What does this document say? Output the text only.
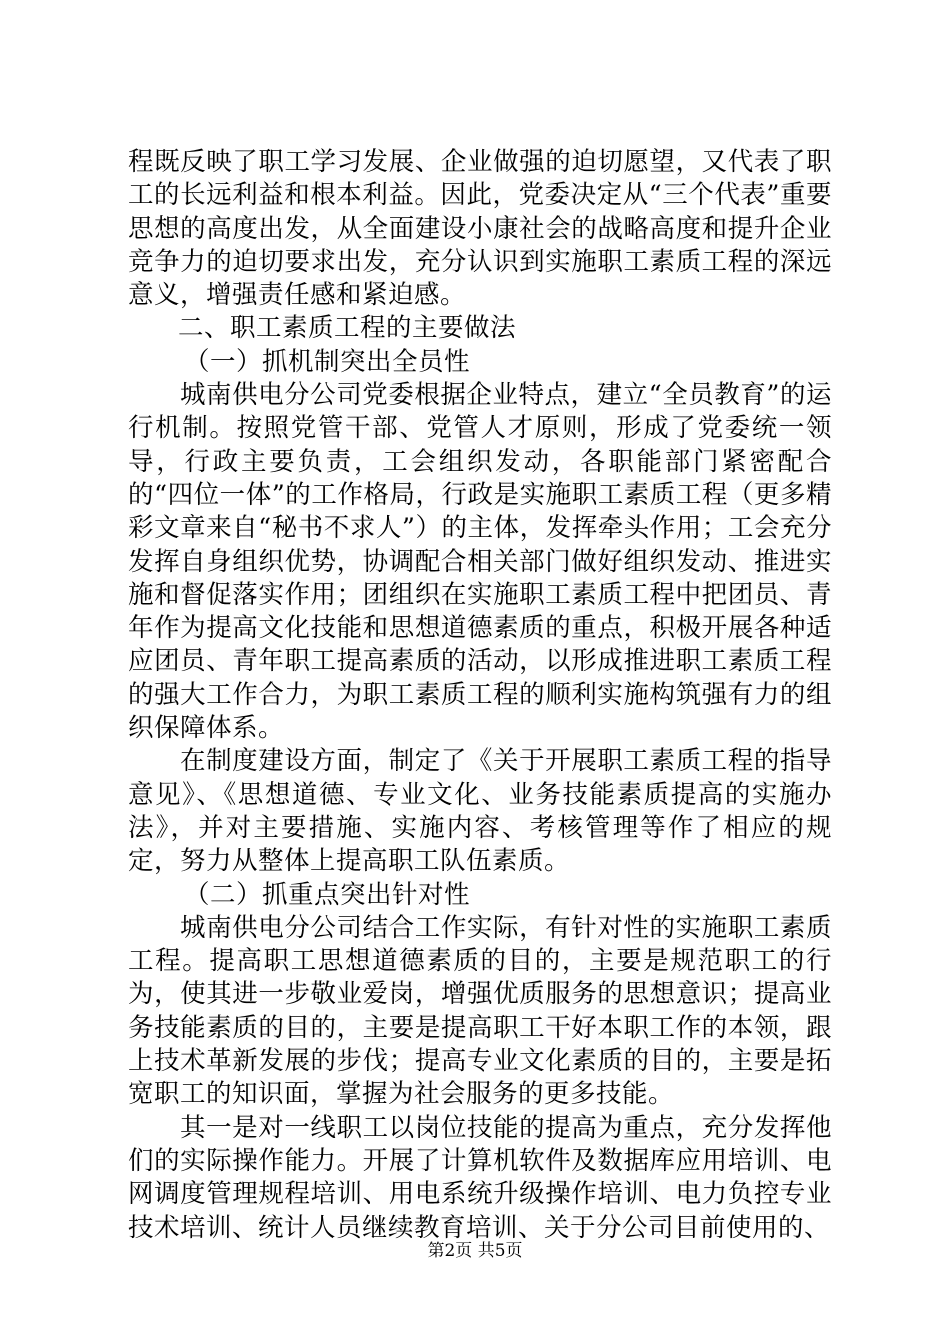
程既反映了职工学习发展、企业做强的迫切愿望，又代表了职工的长远利益和根本利益。因此，党委决定从“三个代表”重要思想的高度出发，从全面建设小康社会的战略高度和提升企业竞争力的迫切要求出发，充分认识到实施职工素质工程的深远意义，增强责任感和紧迫感。

二、职工素质工程的主要做法

（一）抓机制突出全员性

城南供电分公司党委根据企业特点，建立“全员教育”的运行机制。按照党管干部、党管人才原则，形成了党委统一领导，行政主要负责，工会组织发动，各职能部门紧密配合的“四位一体”的工作格局，行政是实施职工素质工程（更多精彩文章来自“秘书不求人”）的主体，发挥牵头作用；工会充分发挥自身组织优势，协调配合相关部门做好组织发动、推进实施和督促落实作用；团组织在实施职工素质工程中把团员、青年作为提高文化技能和思想道德素质的重点，积极开展各种适应团员、青年职工提高素质的活动，以形成推进职工素质工程的强大工作合力，为职工素质工程的顺利实施构筑强有力的组织保障体系。

在制度建设方面，制定了《关于开展职工素质工程的指导意见》、《思想道德、专业文化、业务技能素质提高的实施办法》，并对主要措施、实施内容、考核管理等作了相应的规定，努力从整体上提高职工队伍素质。

（二）抓重点突出针对性

城南供电分公司结合工作实际，有针对性的实施职工素质工程。提高职工思想道德素质的目的，主要是规范职工的行为，使其进一步敬业爱岗，增强优质服务的思想意识；提高业务技能素质的目的，主要是提高职工干好本职工作的本领，跟上技术革新发展的步伐；提高专业文化素质的目的，主要是拓宽职工的知识面，掌握为社会服务的更多技能。

其一是对一线职工以岗位技能的提高为重点，充分发挥他们的实际操作能力。开展了计算机软件及数据库应用培训、电网调度管理规程培训、用电系统升级操作培训、电力负控专业技术培训、统计人员继续教育培训、关于分公司目前使用的、

第2页 共5页
